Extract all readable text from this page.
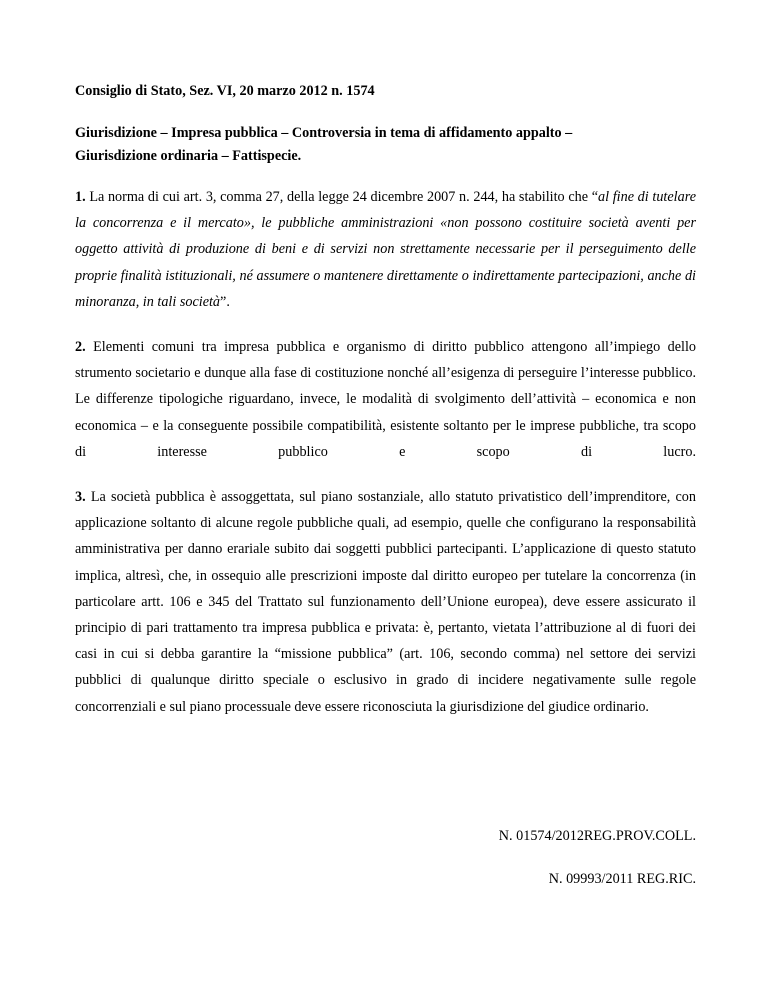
Consiglio di Stato, Sez. VI, 20 marzo 2012 n. 1574

Giurisdizione – Impresa pubblica – Controversia in tema di affidamento appalto –

Giurisdizione ordinaria – Fattispecie.

1. La norma di cui art. 3, comma 27, della legge 24 dicembre 2007 n. 244, ha stabilito che “al fine di tutelare la concorrenza e il mercato», le pubbliche amministrazioni «non possono costituire società aventi per oggetto attività di produzione di beni e di servizi non strettamente necessarie per il perseguimento delle proprie finalità istituzionali, né assumere o mantenere direttamente o indirettamente partecipazioni, anche di minoranza, in tali società”.

2. Elementi comuni tra impresa pubblica e organismo di diritto pubblico attengono all’impiego dello strumento societario e dunque alla fase di costituzione nonché all’esigenza di perseguire l’interesse pubblico. Le differenze tipologiche riguardano, invece, le modalità di svolgimento dell’attività – economica e non economica – e la conseguente possibile compatibilità, esistente soltanto per le imprese pubbliche, tra scopo di interesse pubblico e scopo di lucro.

3. La società pubblica è assoggettata, sul piano sostanziale, allo statuto privatistico dell’imprenditore, con applicazione soltanto di alcune regole pubbliche quali, ad esempio, quelle che configurano la responsabilità amministrativa per danno erariale subito dai soggetti pubblici partecipanti. L’applicazione di questo statuto implica, altresì, che, in ossequio alle prescrizioni imposte dal diritto europeo per tutelare la concorrenza (in particolare artt. 106 e 345 del Trattato sul funzionamento dell’Unione europea), deve essere assicurato il principio di pari trattamento tra impresa pubblica e privata: è, pertanto, vietata l’attribuzione al di fuori dei casi in cui si debba garantire la “missione pubblica” (art. 106, secondo comma) nel settore dei servizi pubblici di qualunque diritto speciale o esclusivo in grado di incidere negativamente sulle regole concorrenziali e sul piano processuale deve essere riconosciuta la giurisdizione del giudice ordinario.

N. 01574/2012REG.PROV.COLL.
N. 09993/2011 REG.RIC.
